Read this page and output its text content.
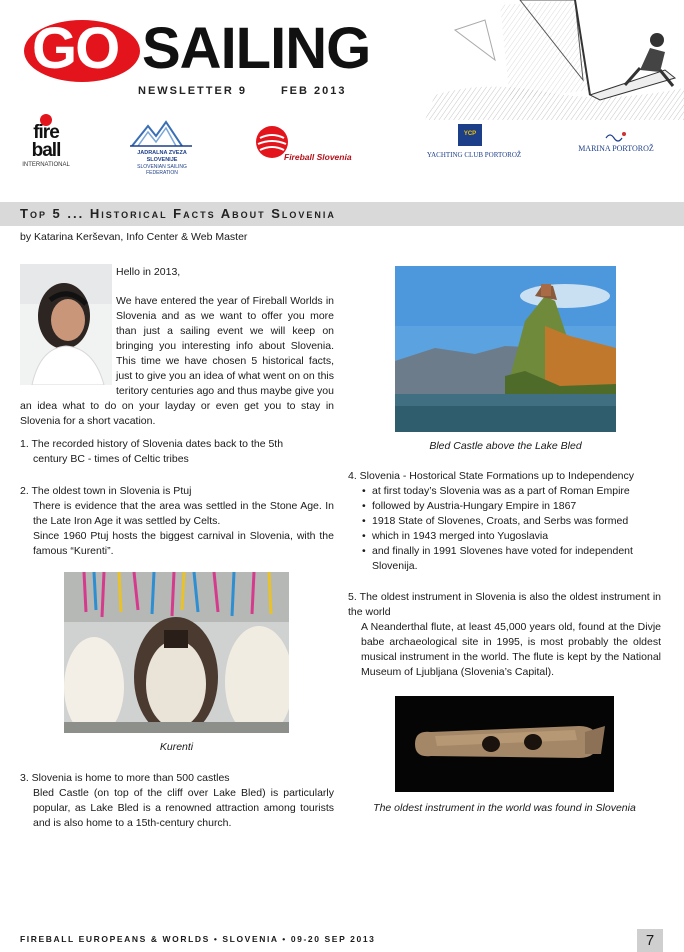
GO SAILING
NEWSLETTER 9	FEB 2013
fire ball
INTERNATIONAL
JADRALNA ZVEZA SLOVENIJE
SLOVENIAN SAILING FEDERATION
Fireball Slovenia
YCP
YACHTING CLUB PORTOROŽ
MARINA PORTOROŽ
Top 5 ... Historical Facts About Slovenia
by Katarina Kerševan, Info Center & Web Master
Hello in 2013,
We have entered the year of Fireball Worlds in Slovenia and as we want to offer you more than just a sailing event we will keep on bringing you interesting info about Slovenia. This time we have chosen 5 historical facts, just to give you an idea of what went on on this teritory centuries ago and thus maybe give you an idea what to do on your layday or even get you to stay in Slovenia for a short vacation.
1. The recorded history of Slovenia dates back to the 5th
century BC - times of Celtic tribes
2. The oldest town in Slovenia is Ptuj
There is evidence that the area was settled in the Stone Age. In the Late Iron Age it was settled by Celts.
Since 1960 Ptuj hosts the biggest carnival in Slovenia, with the famous “Kurenti”.
Kurenti
3. Slovenia is home to more than 500 castles
Bled Castle (on top of the cliff over Lake Bled) is particularly popular, as Lake Bled is a renowned attraction among tourists and is also home to a 15th-century church.
Bled Castle above the Lake Bled
4. Slovenia - Hostorical State Formations up to Independency
• at first today’s Slovenia was as a part of Roman Empire
• followed by Austria-Hungary Empire in 1867
• 1918 State of Slovenes, Croats, and Serbs was formed
• which in 1943 merged into Yugoslavia
• and finally in 1991 Slovenes have voted for independent Slovenija.
5. The oldest instrument in Slovenia is also the oldest instrument in the world
A Neanderthal flute, at least 45,000 years old, found at the Divje babe archaeological site in 1995, is most probably the oldest musical instrument in the world. The flute is kept by the National Museum of Ljubljana (Slovenia’s Capital).
The oldest instrument in the world was found in Slovenia
FIREBALL EUROPEANS & WORLDS • SLOVENIA • 09-20 SEP 2013	7
